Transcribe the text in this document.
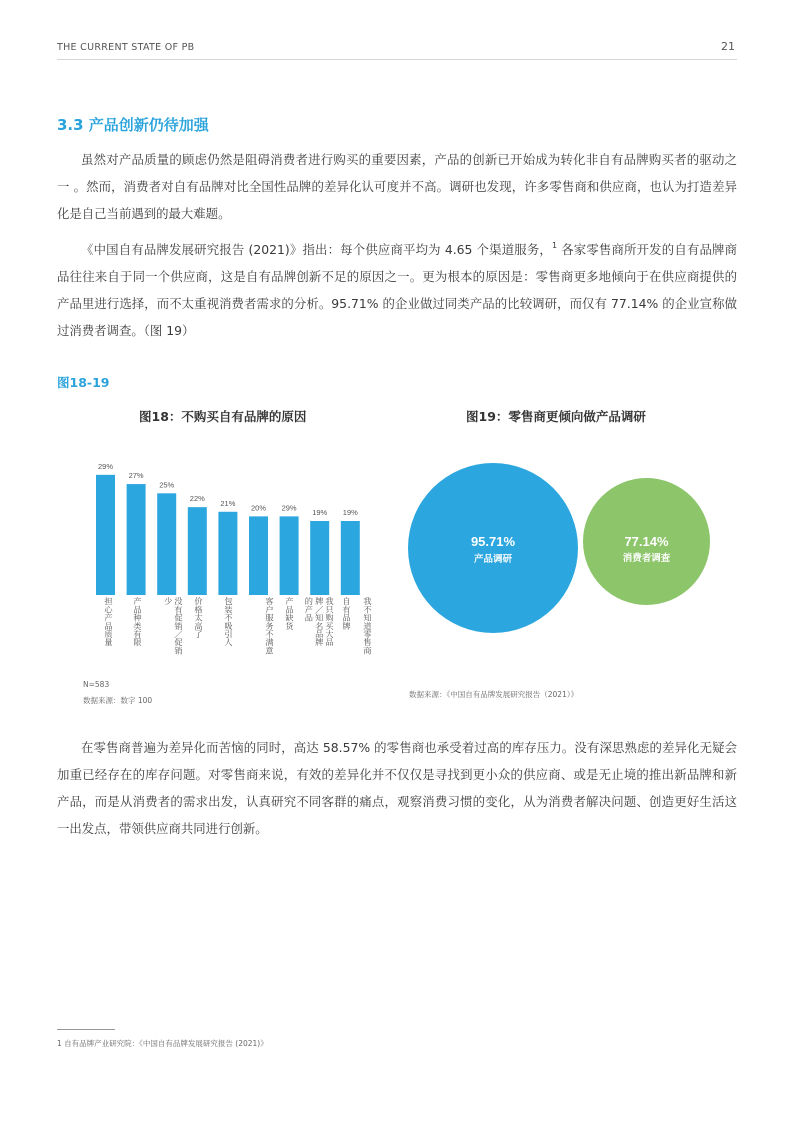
THE CURRENT STATE OF PB	21
3.3 产品创新仍待加强

虽然对产品质量的顾虑仍然是阻碍消费者进行购买的重要因素，产品的创新已开始成为转化非自有品牌购买者的驱动之一 。然而，消费者对自有品牌对比全国性品牌的差异化认可度并不高。调研也发现，许多零售商和供应商，也认为打造差异化是自己当前遇到的最大难题。

《中国自有品牌发展研究报告 (2021)》指出：每个供应商平均为 4.65 个渠道服务，$^1$ 各家零售商所开发的自有品牌商品往往来自于同一个供应商，这是自有品牌创新不足的原因之一。更为根本的原因是：零售商更多地倾向于在供应商提供的产品里进行选择，而不太重视消费者需求的分析。95.71% 的企业做过同类产品的比较调研，而仅有 77.14% 的企业宣称做过消费者调查。（图 19）

图18-19
图18：不购买自有品牌的原因	图19：零售商更倾向做产品调研
29%
27%
25%
22%
21%
20% 29%
19% 19%
担心产品质量 产品种类有限	没有促销／促销少	价格太高了 包装不吸引人	客户服务不满意 产品缺货	我只购买大品牌／知名品牌的产品	自有品牌	我不知道零售商
N=583
数据来源：数字 100
95.71%
产品调研
77.14%
消费者调查
数据来源：《中国自有品牌发展研究报告（2021）》

在零售商普遍为差异化而苦恼的同时，高达 58.57% 的零售商也承受着过高的库存压力。没有深思熟虑的差异化无疑会加重已经存在的库存问题。对零售商来说，有效的差异化并不仅仅是寻找到更小众的供应商、或是无止境的推出新品牌和新产品，而是从消费者的需求出发，认真研究不同客群的痛点，观察消费习惯的变化，从为消费者解决问题、创造更好生活这一出发点，带领供应商共同进行创新。

1 自有品牌产业研究院：《中国自有品牌发展研究报告 (2021)》
